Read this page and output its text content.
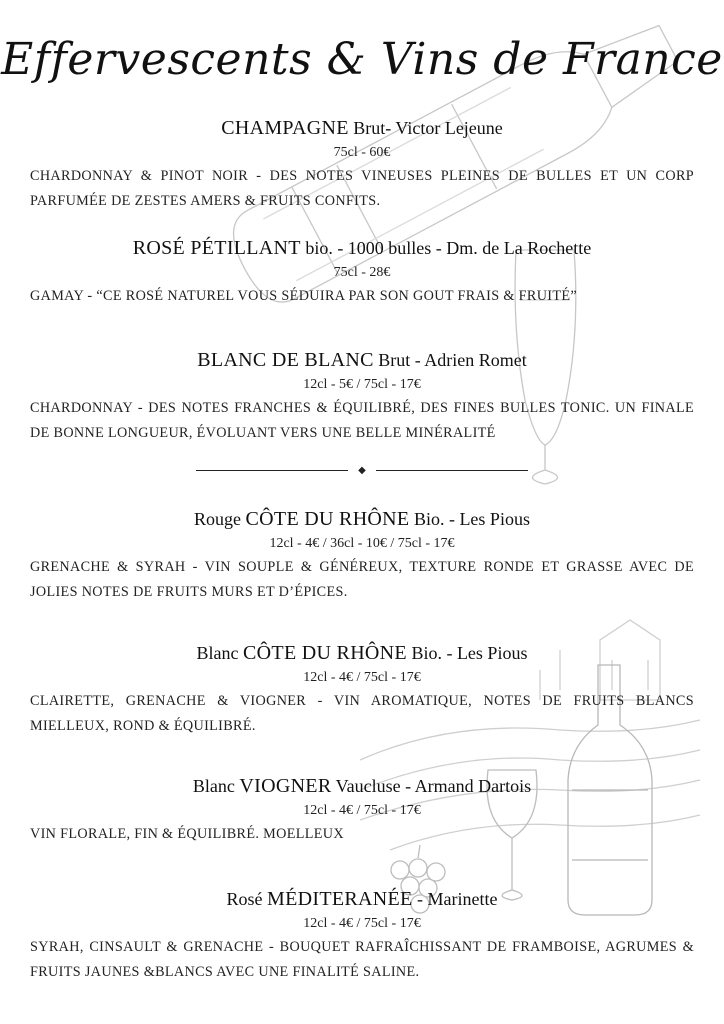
Effervescents & Vins de France
CHAMPAGNE Brut- Victor Lejeune
75cl - 60€
CHARDONNAY & PINOT NOIR - DES NOTES VINEUSES PLEINES DE BULLES ET UN CORP PARFUMÉE DE ZESTES AMERS & FRUITS CONFITS.
ROSÉ PÉTILLANT bio. - 1000 bulles - Dm. de La Rochette
75cl - 28€
GAMAY - “CE ROSÉ NATUREL VOUS SÉDUIRA PAR SON GOUT FRAIS & FRUITÉ”
BLANC DE BLANC Brut - Adrien Romet
12cl - 5€ / 75cl - 17€
CHARDONNAY - DES NOTES FRANCHES & ÉQUILIBRÉ, DES FINES BULLES TONIC. UN FINALE DE BONNE LONGUEUR, ÉVOLUANT VERS UNE BELLE MINÉRALITÉ
◆
Rouge CÔTE DU RHÔNE Bio. - Les Pious
12cl - 4€ / 36cl - 10€ / 75cl - 17€
GRENACHE & SYRAH - VIN SOUPLE & GÉNÉREUX, TEXTURE RONDE ET GRASSE AVEC DE JOLIES NOTES DE FRUITS MURS ET D’ÉPICES.
Blanc CÔTE DU RHÔNE Bio. - Les Pious
12cl - 4€ / 75cl - 17€
CLAIRETTE, GRENACHE & VIOGNER - VIN AROMATIQUE, NOTES DE FRUITS BLANCS MIELLEUX, ROND & ÉQUILIBRÉ.
Blanc VIOGNER Vaucluse - Armand Dartois
12cl - 4€ / 75cl - 17€
VIN FLORALE, FIN & ÉQUILIBRÉ. MOELLEUX
Rosé MÉDITERANÉE - Marinette
12cl - 4€ / 75cl - 17€
SYRAH, CINSAULT & GRENACHE - BOUQUET RAFRAÎCHISSANT DE FRAMBOISE, AGRUMES & FRUITS JAUNES &BLANCS AVEC UNE FINALITÉ SALINE.
